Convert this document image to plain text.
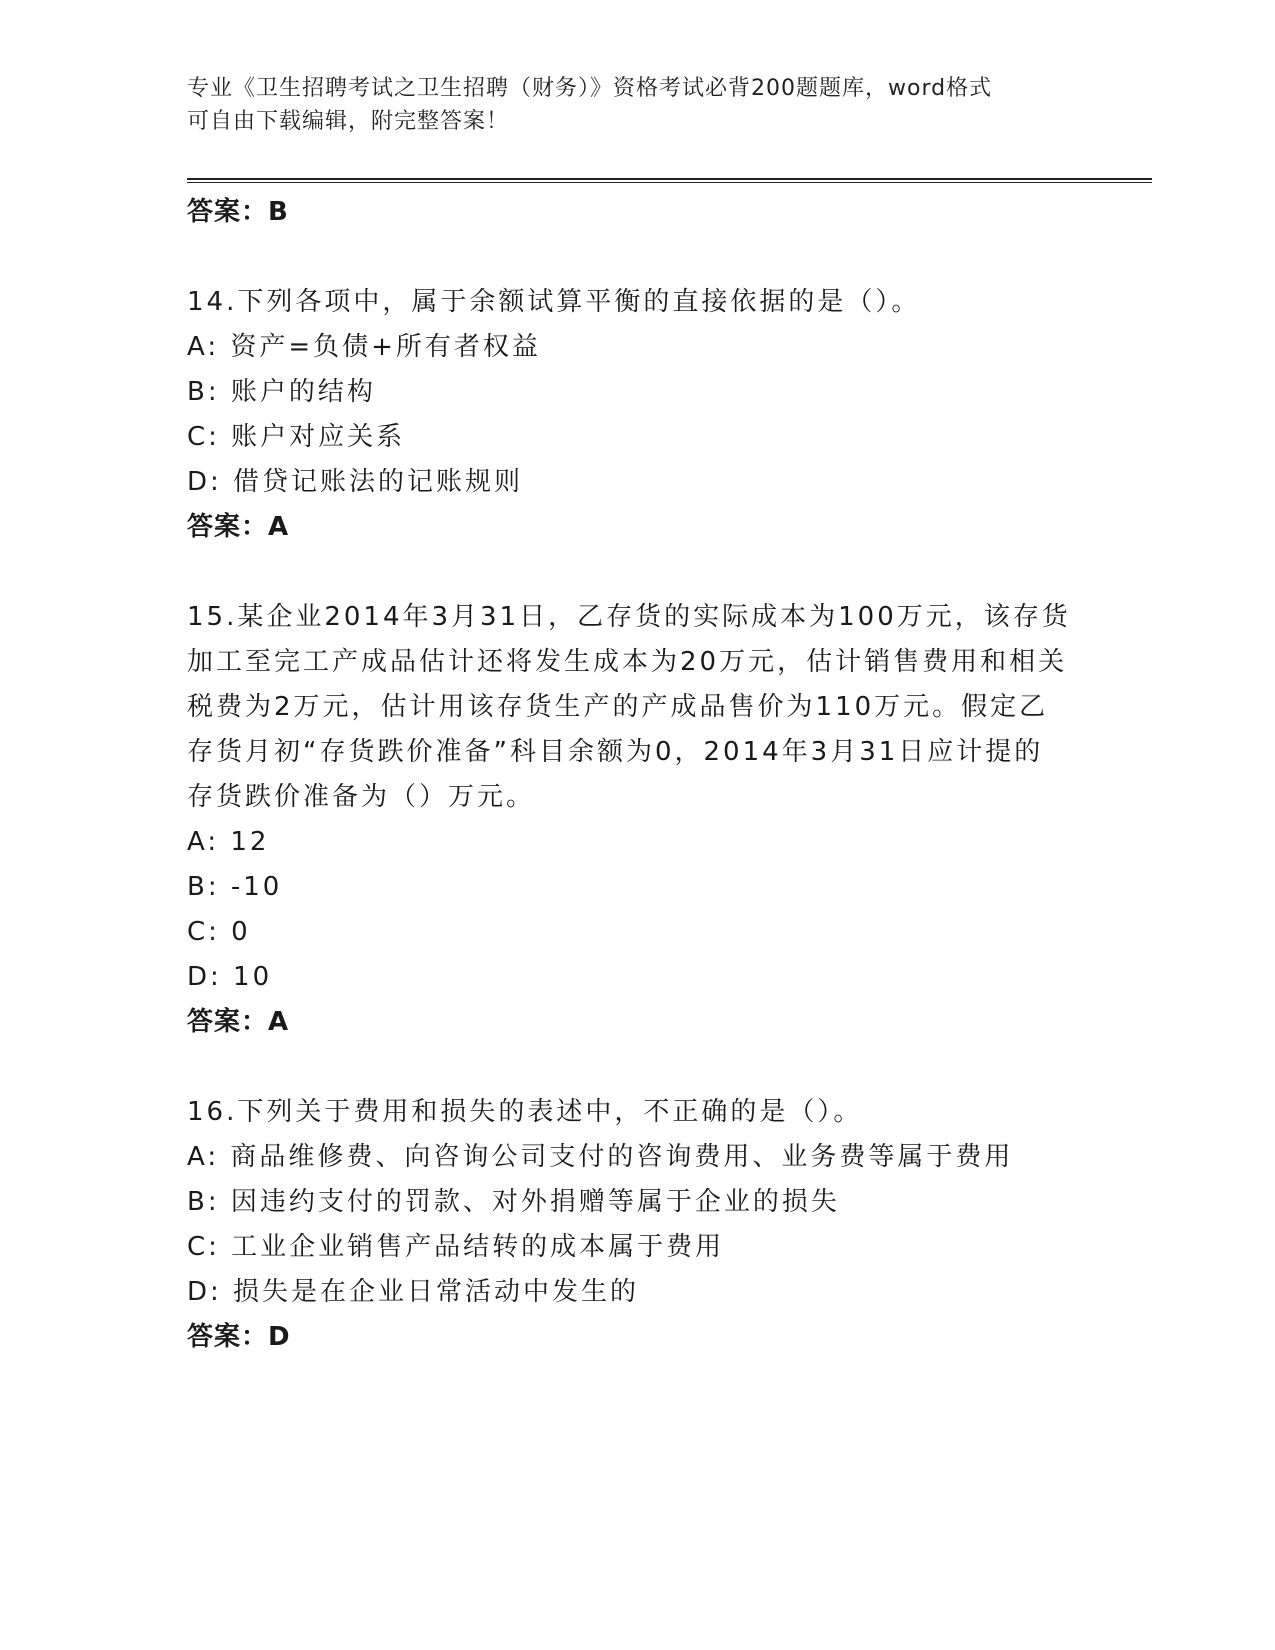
专业《卫生招聘考试之卫生招聘（财务）》资格考试必背200题题库，word格式
可自由下载编辑，附完整答案！
答案：B
14.下列各项中，属于余额试算平衡的直接依据的是（）。
A: 资产=负债+所有者权益
B: 账户的结构
C: 账户对应关系
D: 借贷记账法的记账规则
答案：A
15.某企业2014年3月31日，乙存货的实际成本为100万元，该存货
加工至完工产成品估计还将发生成本为20万元，估计销售费用和相关
税费为2万元，估计用该存货生产的产成品售价为110万元。假定乙
存货月初“存货跌价准备”科目余额为0，2014年3月31日应计提的
存货跌价准备为（）万元。
A: 12
B: -10
C: 0
D: 10
答案：A
16.下列关于费用和损失的表述中，不正确的是（）。
A: 商品维修费、向咨询公司支付的咨询费用、业务费等属于费用
B: 因违约支付的罚款、对外捐赠等属于企业的损失
C: 工业企业销售产品结转的成本属于费用
D: 损失是在企业日常活动中发生的
答案：D
